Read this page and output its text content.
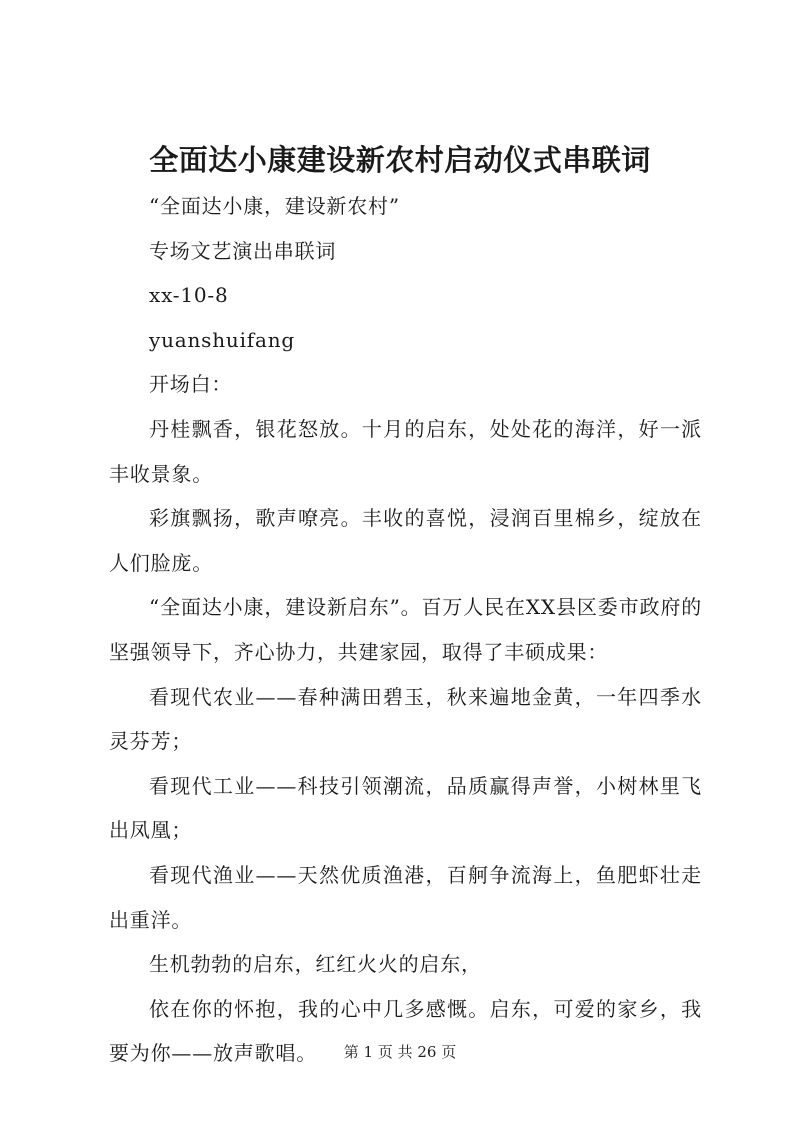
全面达小康建设新农村启动仪式串联词

“全面达小康，建设新农村”

专场文艺演出串联词

xx-10-8

yuanshuifang

开场白：

丹桂飘香，银花怒放。十月的启东，处处花的海洋，好一派丰收景象。

彩旗飘扬，歌声嘹亮。丰收的喜悦，浸润百里棉乡，绽放在人们脸庞。

“全面达小康，建设新启东”。百万人民在XX县区委市政府的坚强领导下，齐心协力，共建家园，取得了丰硕成果：

看现代农业——春种满田碧玉，秋来遍地金黄，一年四季水灵芬芳；

看现代工业——科技引领潮流，品质赢得声誉，小树林里飞出凤凰；

看现代渔业——天然优质渔港，百舸争流海上，鱼肥虾壮走出重洋。

生机勃勃的启东，红红火火的启东，

依在你的怀抱，我的心中几多感慨。启东，可爱的家乡，我要为你——放声歌唱。	第 1 页 共 26 页
